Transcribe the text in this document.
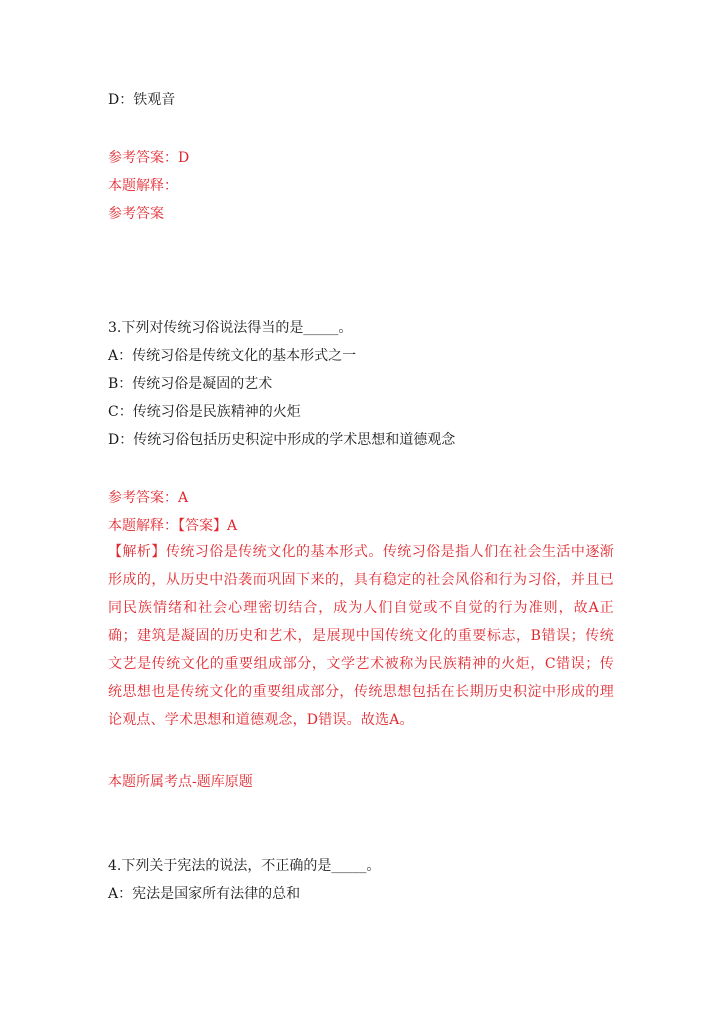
D：铁观音
参考答案：D
本题解释：
参考答案
3.下列对传统习俗说法得当的是_____。
A：传统习俗是传统文化的基本形式之一
B：传统习俗是凝固的艺术
C：传统习俗是民族精神的火炬
D：传统习俗包括历史积淀中形成的学术思想和道德观念
参考答案：A
本题解释：【答案】A
【解析】传统习俗是传统文化的基本形式。传统习俗是指人们在社会生活中逐渐形成的，从历史中沿袭而巩固下来的，具有稳定的社会风俗和行为习俗，并且已同民族情绪和社会心理密切结合，成为人们自觉或不自觉的行为准则，故A正确；建筑是凝固的历史和艺术，是展现中国传统文化的重要标志，B错误；传统文艺是传统文化的重要组成部分，文学艺术被称为民族精神的火炬，C错误；传统思想也是传统文化的重要组成部分，传统思想包括在长期历史积淀中形成的理论观点、学术思想和道德观念，D错误。故选A。
本题所属考点-题库原题
4.下列关于宪法的说法，不正确的是_____。
A：宪法是国家所有法律的总和
